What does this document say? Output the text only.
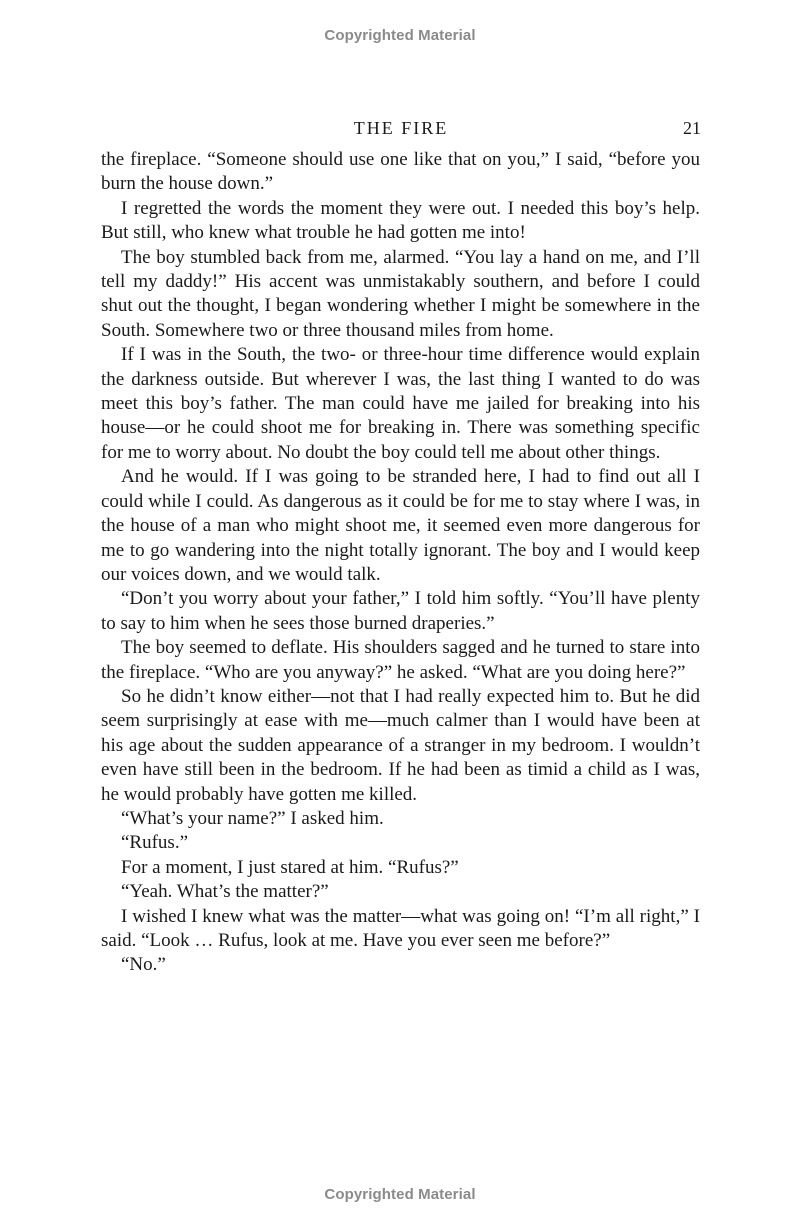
Copyrighted Material
THE FIRE	21

the fireplace. “Someone should use one like that on you,” I said, “before you burn the house down.”

I regretted the words the moment they were out. I needed this boy’s help. But still, who knew what trouble he had gotten me into!

The boy stumbled back from me, alarmed. “You lay a hand on me, and I’ll tell my daddy!” His accent was unmistakably southern, and before I could shut out the thought, I began wondering whether I might be somewhere in the South. Somewhere two or three thousand miles from home.

If I was in the South, the two- or three-hour time difference would explain the darkness outside. But wherever I was, the last thing I wanted to do was meet this boy’s father. The man could have me jailed for breaking into his house—or he could shoot me for breaking in. There was something specific for me to worry about. No doubt the boy could tell me about other things.

And he would. If I was going to be stranded here, I had to find out all I could while I could. As dangerous as it could be for me to stay where I was, in the house of a man who might shoot me, it seemed even more dangerous for me to go wandering into the night totally ignorant. The boy and I would keep our voices down, and we would talk.

“Don’t you worry about your father,” I told him softly. “You’ll have plenty to say to him when he sees those burned draperies.”

The boy seemed to deflate. His shoulders sagged and he turned to stare into the fireplace. “Who are you anyway?” he asked. “What are you doing here?”

So he didn’t know either—not that I had really expected him to. But he did seem surprisingly at ease with me—much calmer than I would have been at his age about the sudden appearance of a stranger in my bedroom. I wouldn’t even have still been in the bedroom. If he had been as timid a child as I was, he would probably have gotten me killed.

“What’s your name?” I asked him.

“Rufus.”

For a moment, I just stared at him. “Rufus?”

“Yeah. What’s the matter?”

I wished I knew what was the matter—what was going on! “I’m all right,” I said. “Look … Rufus, look at me. Have you ever seen me before?”

“No.”

Copyrighted Material
